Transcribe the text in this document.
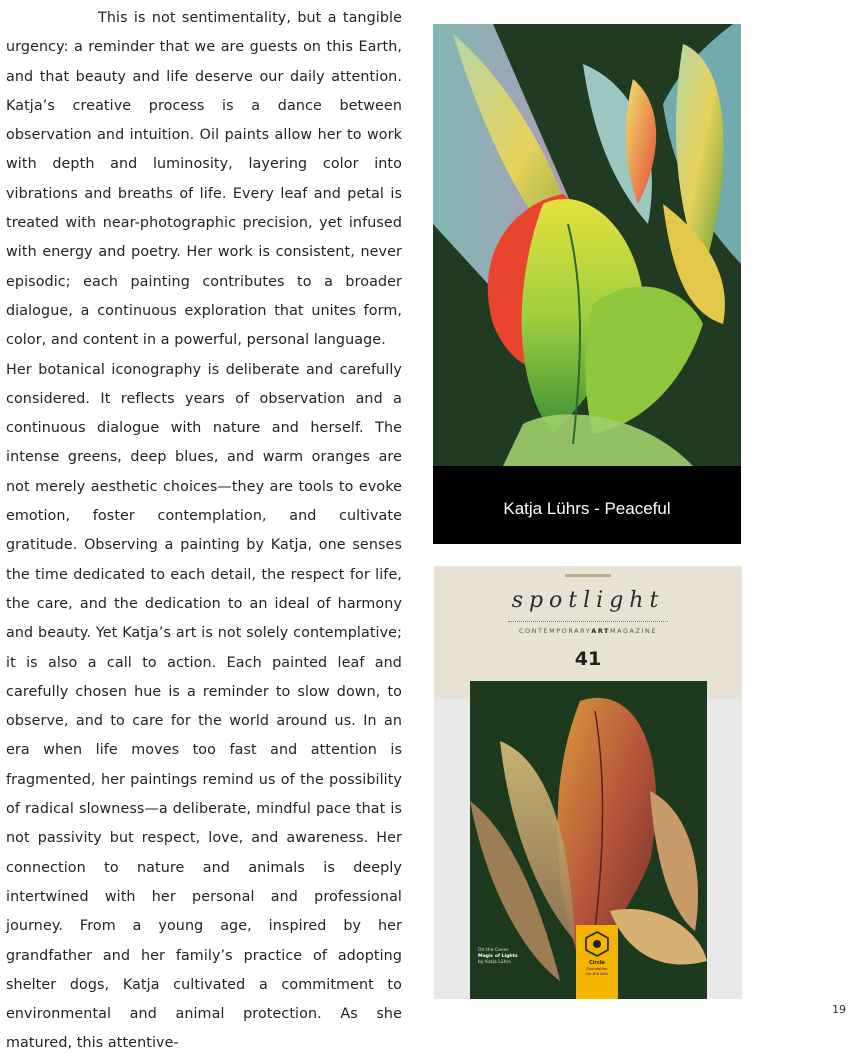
This is not sentimentality, but a tangible urgency: a reminder that we are guests on this Earth, and that beauty and life deserve our daily attention. Katja’s creative process is a dance between observation and intuition. Oil paints allow her to work with depth and luminosity, layering color into vibrations and breaths of life. Every leaf and petal is treated with near-photographic precision, yet infused with energy and poetry. Her work is consistent, never episodic; each painting contributes to a broader dialogue, a continuous exploration that unites form, color, and content in a powerful, personal language.

Her botanical iconography is deliberate and carefully considered. It reflects years of observation and a continuous dialogue with nature and herself. The intense greens, deep blues, and warm oranges are not merely aesthetic choices—they are tools to evoke emotion, foster contemplation, and cultivate gratitude. Observing a painting by Katja, one senses the time dedicated to each detail, the respect for life, the care, and the dedication to an ideal of harmony and beauty. Yet Katja’s art is not solely contemplative; it is also a call to action. Each painted leaf and carefully chosen hue is a reminder to slow down, to observe, and to care for the world around us. In an era when life moves too fast and attention is fragmented, her paintings remind us of the possibility of radical slowness—a deliberate, mindful pace that is not passivity but respect, love, and awareness. Her connection to nature and animals is deeply intertwined with her personal and professional journey. From a young age, inspired by her grandfather and her family’s practice of adopting shelter dogs, Katja cultivated a commitment to environmental and animal protection. As she matured, this attentive-

Katja Lührs - Peaceful
spotlight
CONTEMPORARYARTMAGAZINE
41
On the Cover
Magic of Lights
by Katja Lührs	Circle
Foundation
for the Arts
19
